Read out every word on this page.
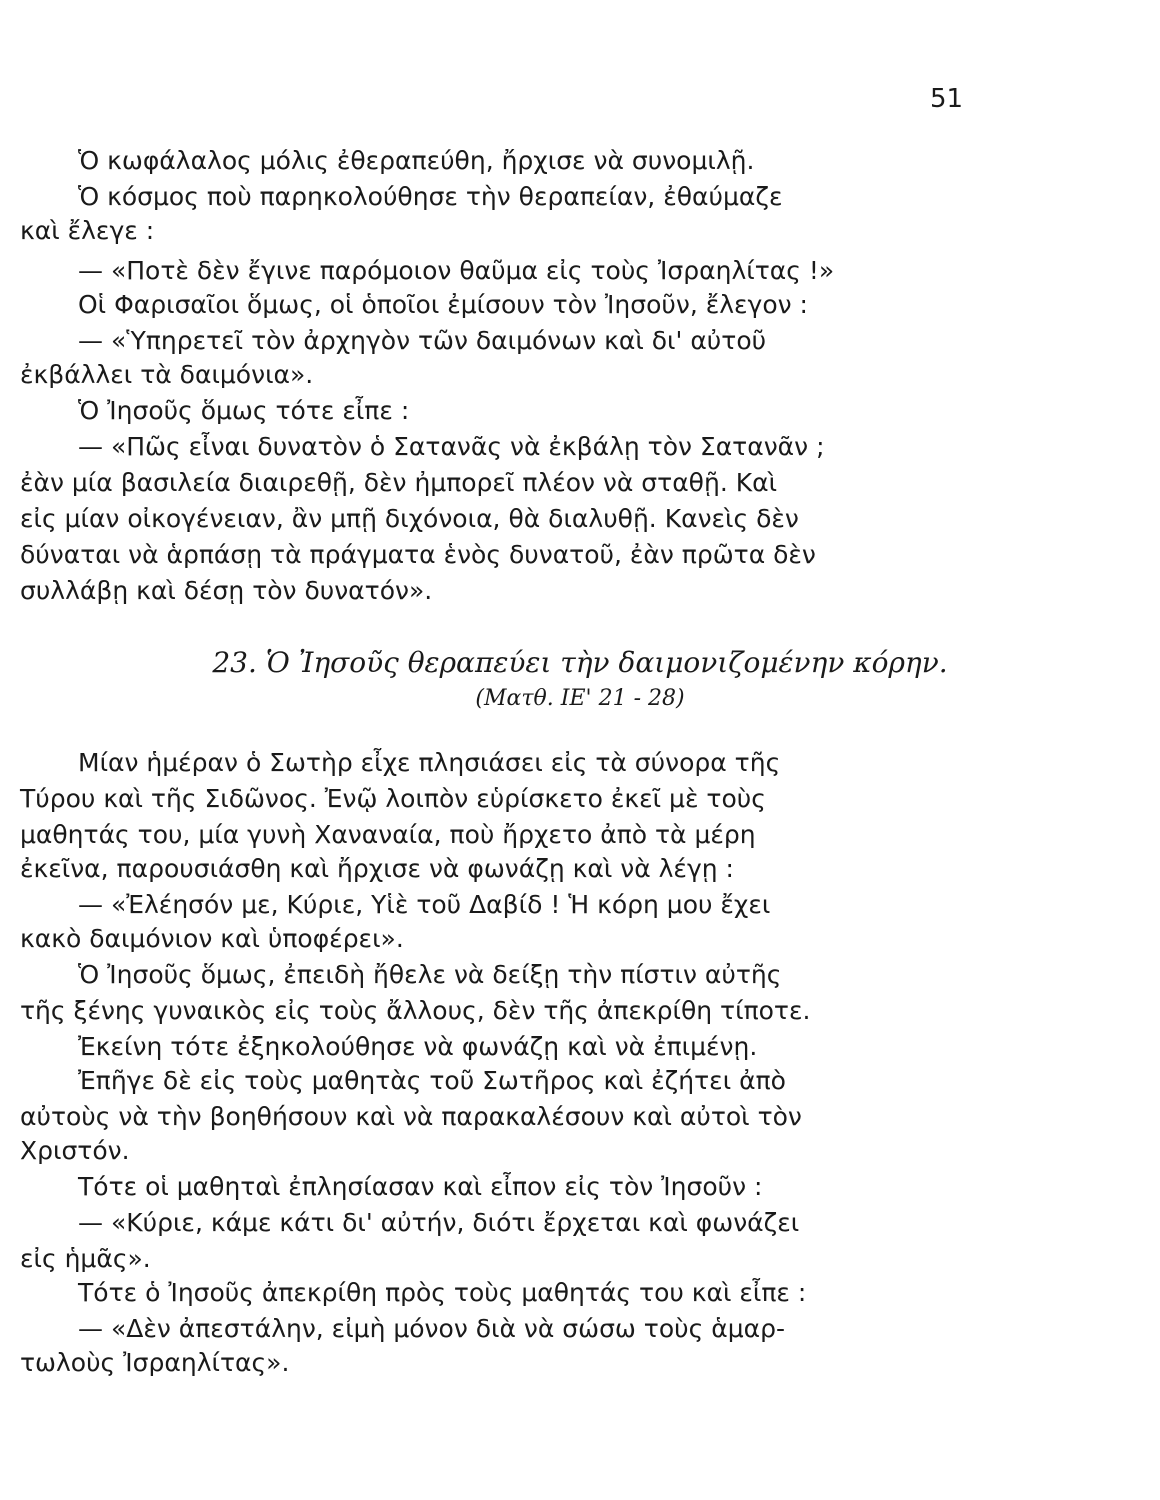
51
Ὁ κωφάλαλος μόλις ἐθεραπεύθη, ἤρχισε νὰ συνομιλῇ.
Ὁ κόσμος ποὺ παρηκολούθησε τὴν θεραπείαν, ἐθαύμαζε
καὶ ἔλεγε :
— «Ποτὲ δὲν ἔγινε παρόμοιον θαῦμα εἰς τοὺς Ἰσραηλίτας !»
Οἱ Φαρισαῖοι ὅμως, οἱ ὁποῖοι ἐμίσουν τὸν Ἰησοῦν, ἔλεγον :
— «Ὑπηρετεῖ τὸν ἀρχηγὸν τῶν δαιμόνων καὶ δι' αὐτοῦ
ἐκβάλλει τὰ δαιμόνια».
Ὁ Ἰησοῦς ὅμως τότε εἶπε :
— «Πῶς εἶναι δυνατὸν ὁ Σατανᾶς νὰ ἐκβάλῃ τὸν Σατανᾶν ;
ἐὰν μία βασιλεία διαιρεθῇ, δὲν ἠμπορεῖ πλέον νὰ σταθῇ. Καὶ
εἰς μίαν οἰκογένειαν, ἂν μπῇ διχόνοια, θὰ διαλυθῇ. Κανεὶς δὲν
δύναται νὰ ἁρπάσῃ τὰ πράγματα ἑνὸς δυνατοῦ, ἐὰν πρῶτα δὲν
συλλάβῃ καὶ δέσῃ τὸν δυνατόν».
23. Ὁ Ἰησοῦς θεραπεύει τὴν δαιμονιζομένην κόρην.
(Ματθ. ΙΕ' 21 - 28)
Μίαν ἡμέραν ὁ Σωτὴρ εἶχε πλησιάσει εἰς τὰ σύνορα τῆς
Τύρου καὶ τῆς Σιδῶνος. Ἐνῷ λοιπὸν εὑρίσκετο ἐκεῖ μὲ τοὺς
μαθητάς του, μία γυνὴ Χαναναία, ποὺ ἤρχετο ἀπὸ τὰ μέρη
ἐκεῖνα, παρουσιάσθη καὶ ἤρχισε νὰ φωνάζῃ καὶ νὰ λέγῃ :
— «Ἐλέησόν με, Κύριε, Υἱὲ τοῦ Δαβίδ ! Ἡ κόρη μου ἔχει
κακὸ δαιμόνιον καὶ ὑποφέρει».
Ὁ Ἰησοῦς ὅμως, ἐπειδὴ ἤθελε νὰ δείξῃ τὴν πίστιν αὐτῆς
τῆς ξένης γυναικὸς εἰς τοὺς ἄλλους, δὲν τῆς ἀπεκρίθη τίποτε.
Ἐκείνη τότε ἐξηκολούθησε νὰ φωνάζῃ καὶ νὰ ἐπιμένῃ.
Ἐπῆγε δὲ εἰς τοὺς μαθητὰς τοῦ Σωτῆρος καὶ ἐζήτει ἀπὸ
αὐτοὺς νὰ τὴν βοηθήσουν καὶ νὰ παρακαλέσουν καὶ αὐτοὶ τὸν
Χριστόν.
Τότε οἱ μαθηταὶ ἐπλησίασαν καὶ εἶπον εἰς τὸν Ἰησοῦν :
— «Κύριε, κάμε κάτι δι' αὐτήν, διότι ἔρχεται καὶ φωνάζει
εἰς ἡμᾶς».
Τότε ὁ Ἰησοῦς ἀπεκρίθη πρὸς τοὺς μαθητάς του καὶ εἶπε :
— «Δὲν ἀπεστάλην, εἰμὴ μόνον διὰ νὰ σώσω τοὺς ἁμαρ-
τωλοὺς Ἰσραηλίτας».
